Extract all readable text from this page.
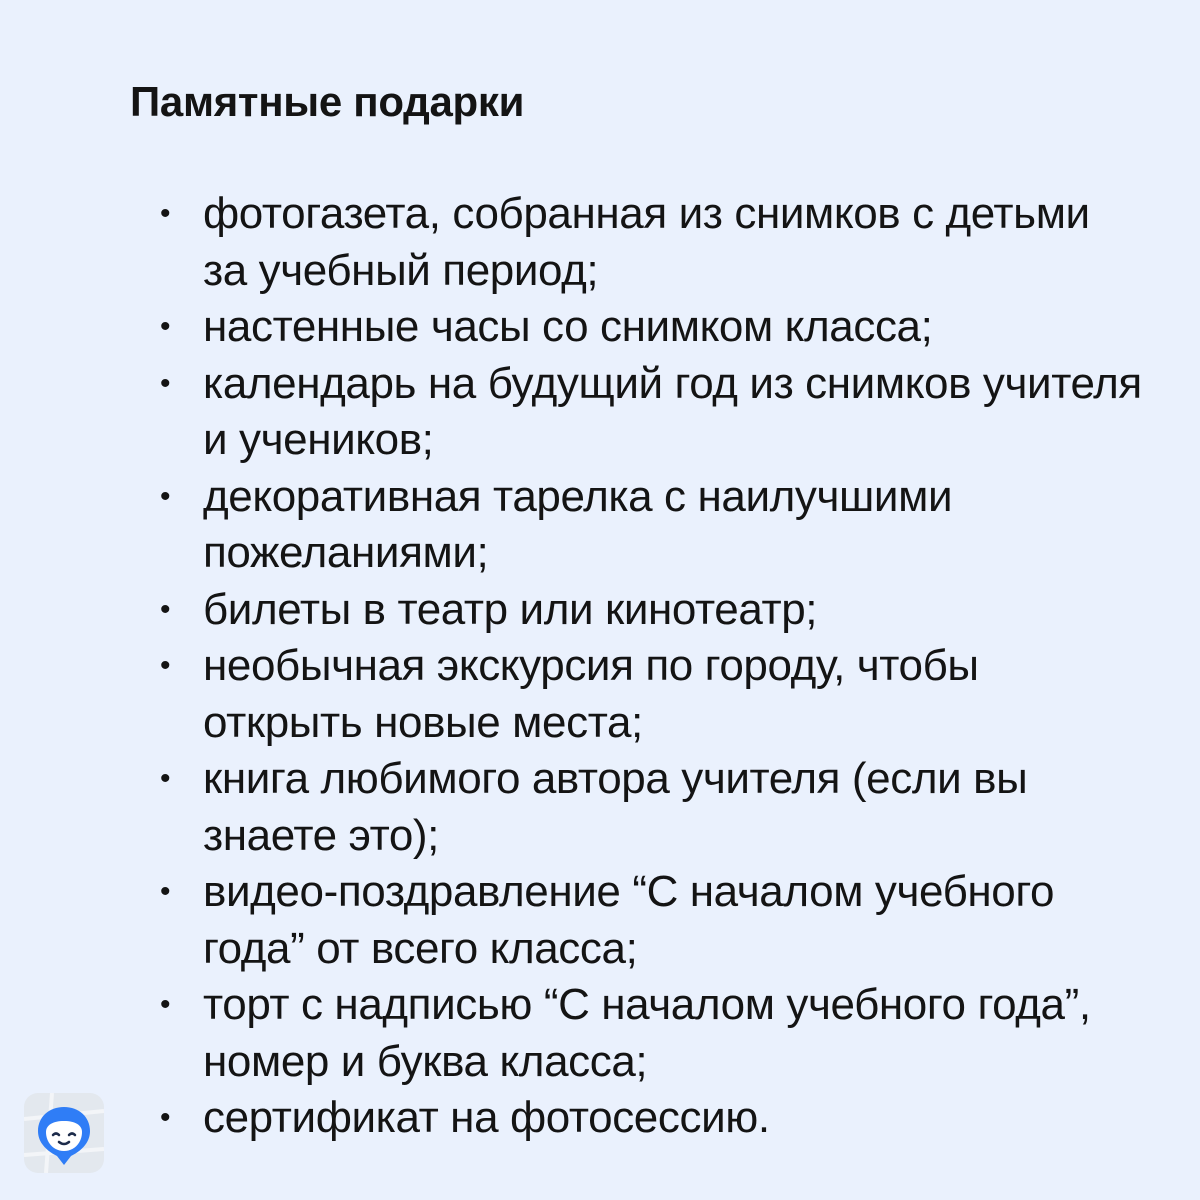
Памятные подарки
• фотогазета, собранная из снимков с детьми за учебный период;
• настенные часы со снимком класса;
• календарь на будущий год из снимков учителя и учеников;
• декоративная тарелка с наилучшими пожеланиями;
• билеты в театр или кинотеатр;
• необычная экскурсия по городу, чтобы открыть новые места;
• книга любимого автора учителя (если вы знаете это);
• видео-поздравление “С началом учебного года” от всего класса;
• торт с надписью “С началом учебного года”, номер и буква класса;
• сертификат на фотосессию.
